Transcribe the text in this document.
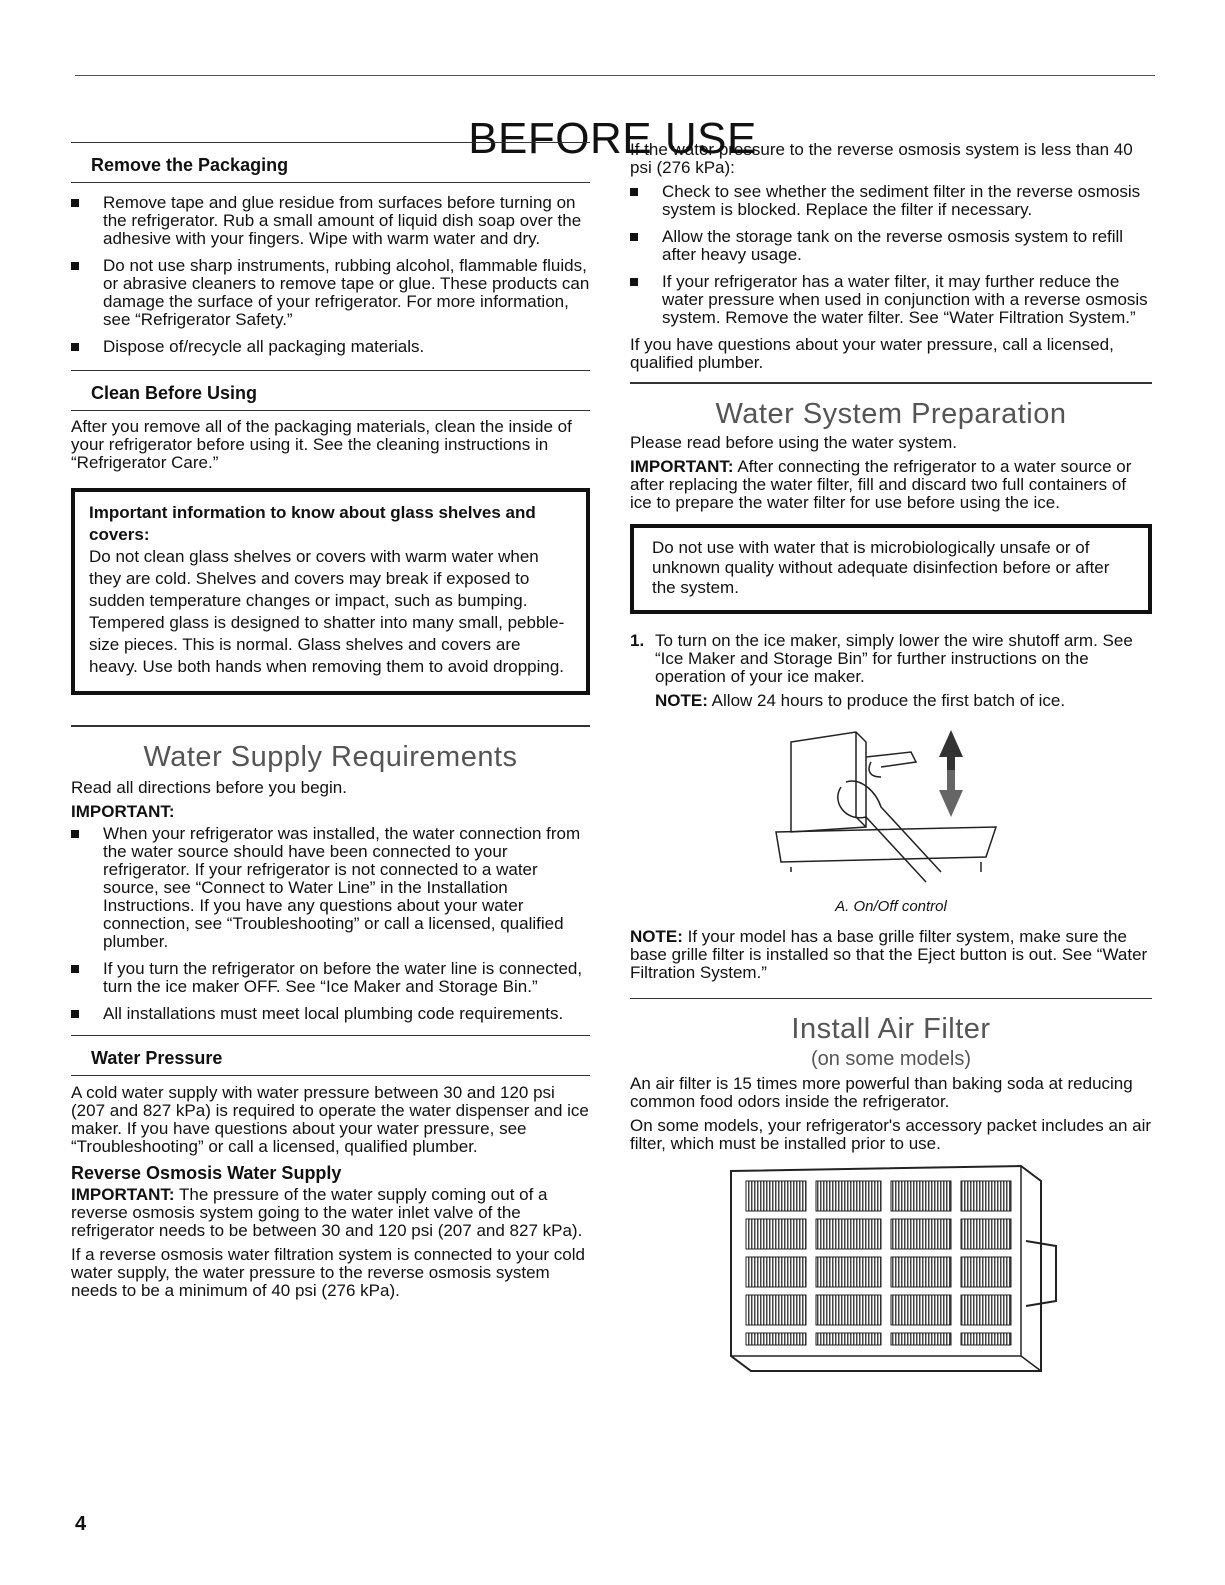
BEFORE USE
Remove the Packaging
Remove tape and glue residue from surfaces before turning on the refrigerator. Rub a small amount of liquid dish soap over the adhesive with your fingers. Wipe with warm water and dry.
Do not use sharp instruments, rubbing alcohol, flammable fluids, or abrasive cleaners to remove tape or glue. These products can damage the surface of your refrigerator. For more information, see “Refrigerator Safety.”
Dispose of/recycle all packaging materials.
Clean Before Using

After you remove all of the packaging materials, clean the inside of your refrigerator before using it. See the cleaning instructions in “Refrigerator Care.”

Important information to know about glass shelves and covers:
Do not clean glass shelves or covers with warm water when they are cold. Shelves and covers may break if exposed to sudden temperature changes or impact, such as bumping. Tempered glass is designed to shatter into many small, pebble-size pieces. This is normal. Glass shelves and covers are heavy. Use both hands when removing them to avoid dropping.
Water Supply Requirements

Read all directions before you begin.

IMPORTANT:
When your refrigerator was installed, the water connection from the water source should have been connected to your refrigerator. If your refrigerator is not connected to a water source, see “Connect to Water Line” in the Installation Instructions. If you have any questions about your water connection, see “Troubleshooting” or call a licensed, qualified plumber.
If you turn the refrigerator on before the water line is connected, turn the ice maker OFF. See “Ice Maker and Storage Bin.”
All installations must meet local plumbing code requirements.
Water Pressure

A cold water supply with water pressure between 30 and 120 psi (207 and 827 kPa) is required to operate the water dispenser and ice maker. If you have questions about your water pressure, see “Troubleshooting” or call a licensed, qualified plumber.

Reverse Osmosis Water Supply

IMPORTANT: The pressure of the water supply coming out of a reverse osmosis system going to the water inlet valve of the refrigerator needs to be between 30 and 120 psi (207 and 827 kPa).

If a reverse osmosis water filtration system is connected to your cold water supply, the water pressure to the reverse osmosis system needs to be a minimum of 40 psi (276 kPa).

If the water pressure to the reverse osmosis system is less than 40 psi (276 kPa):

Check to see whether the sediment filter in the reverse osmosis system is blocked. Replace the filter if necessary.
Allow the storage tank on the reverse osmosis system to refill after heavy usage.
If your refrigerator has a water filter, it may further reduce the water pressure when used in conjunction with a reverse osmosis system. Remove the water filter. See “Water Filtration System.”

If you have questions about your water pressure, call a licensed, qualified plumber.

Water System Preparation

Please read before using the water system.

IMPORTANT: After connecting the refrigerator to a water source or after replacing the water filter, fill and discard two full containers of ice to prepare the water filter for use before using the ice.

Do not use with water that is microbiologically unsafe or of unknown quality without adequate disinfection before or after the system.
1. To turn on the ice maker, simply lower the wire shutoff arm. See “Ice Maker and Storage Bin” for further instructions on the operation of your ice maker.

NOTE: Allow 24 hours to produce the first batch of ice.

A. On/Off control

NOTE: If your model has a base grille filter system, make sure the base grille filter is installed so that the Eject button is out. See “Water Filtration System.”

Install Air Filter
(on some models)

An air filter is 15 times more powerful than baking soda at reducing common food odors inside the refrigerator.

On some models, your refrigerator's accessory packet includes an air filter, which must be installed prior to use.

4
